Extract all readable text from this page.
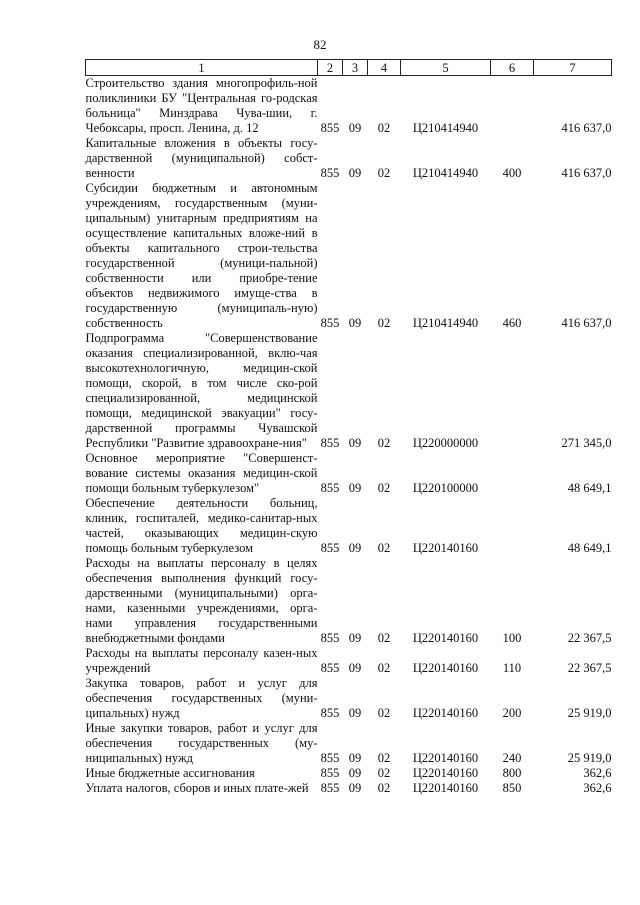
82
1	2	3	4	5	6	7
Строительство здания многопрофиль-ной поликлиники БУ "Центральная го-родская больница" Минздрава Чува-шии, г. Чебоксары, просп. Ленина, д. 12	855	09	02	Ц210414940		416 637,0
Капитальные вложения в объекты госу-дарственной (муниципальной) собст-венности	855	09	02	Ц210414940	400	416 637,0
Субсидии бюджетным и автономным учреждениям, государственным (муни-ципальным) унитарным предприятиям на осуществление капитальных вложе-ний в объекты капитального строи-тельства государственной (муници-пальной) собственности или приобре-тение объектов недвижимого имуще-ства в государственную (муниципаль-ную) собственность	855	09	02	Ц210414940	460	416 637,0
Подпрограмма "Совершенствование оказания специализированной, вклю-чая высокотехнологичную, медицин-ской помощи, скорой, в том числе ско-рой специализированной, медицинской помощи, медицинской эвакуации" госу-дарственной программы Чувашской Республики "Развитие здравоохране-ния"	855	09	02	Ц220000000		271 345,0
Основное мероприятие "Совершенст-вование системы оказания медицин-ской помощи больным туберкулезом"	855	09	02	Ц220100000		48 649,1
Обеспечение деятельности больниц, клиник, госпиталей, медико-санитар-ных частей, оказывающих медицин-скую помощь больным туберкулезом	855	09	02	Ц220140160		48 649,1
Расходы на выплаты персоналу в целях обеспечения выполнения функций госу-дарственными (муниципальными) орга-нами, казенными учреждениями, орга-нами управления государственными внебюджетными фондами	855	09	02	Ц220140160	100	22 367,5
Расходы на выплаты персоналу казен-ных учреждений	855	09	02	Ц220140160	110	22 367,5
Закупка товаров, работ и услуг для обеспечения государственных (муни-ципальных) нужд	855	09	02	Ц220140160	200	25 919,0
Иные закупки товаров, работ и услуг для обеспечения государственных (му-ниципальных) нужд	855	09	02	Ц220140160	240	25 919,0
Иные бюджетные ассигнования	855	09	02	Ц220140160	800	362,6
Уплата налогов, сборов и иных плате-жей	855	09	02	Ц220140160	850	362,6
